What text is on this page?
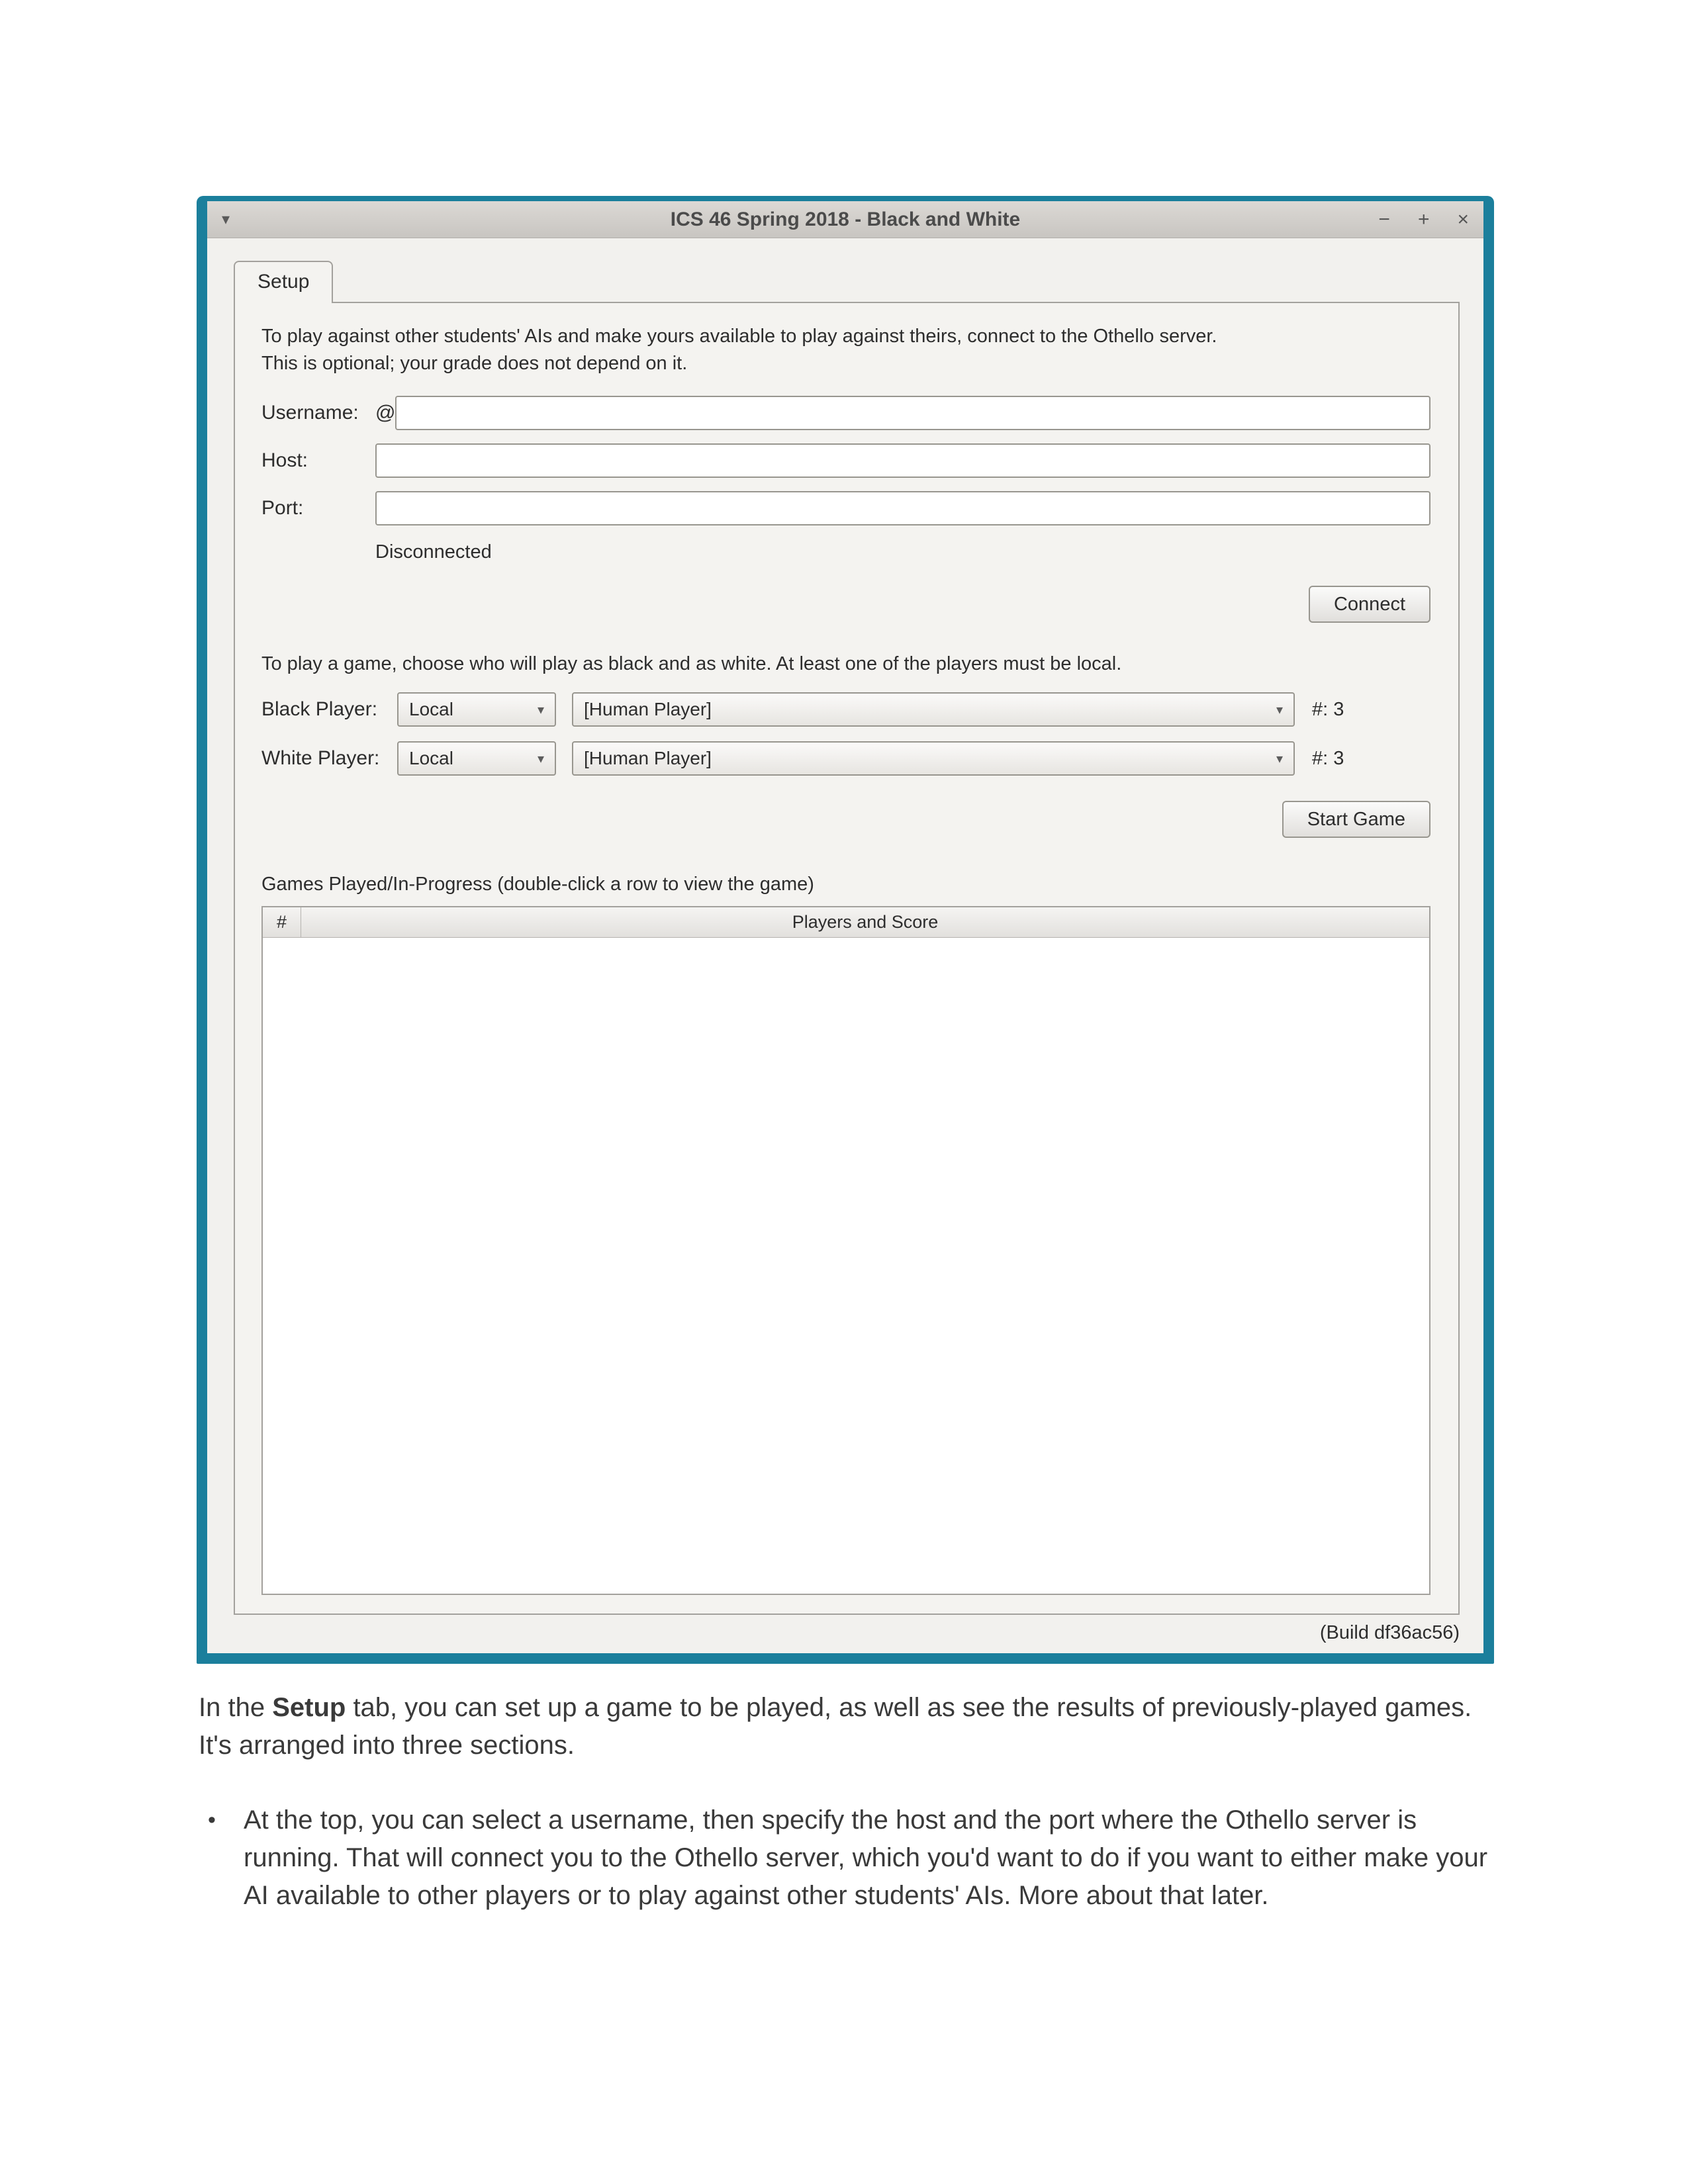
▾	ICS 46 Spring 2018 - Black and White	− + ×
Setup
To play against other students' AIs and make yours available to play against theirs, connect to the Othello server.
This is optional; your grade does not depend on it.
Username: @
Host:
Port:
Disconnected
Connect
To play a game, choose who will play as black and as white. At least one of the players must be local.
Black Player:	Local	▾ [Human Player]	▾ #: 3
White Player:	Local	▾ [Human Player]	▾ #: 3
Start Game
Games Played/In-Progress (double-click a row to view the game)
#	Players and Score
(Build df36ac56)

In the Setup tab, you can set up a game to be played, as well as see the results of previously-played games. It's arranged into three sections.

•	At the top, you can select a username, then specify the host and the port where the Othello server is running. That will connect you to the Othello server, which you'd want to do if you want to either make your AI available to other players or to play against other students' AIs. More about that later.
